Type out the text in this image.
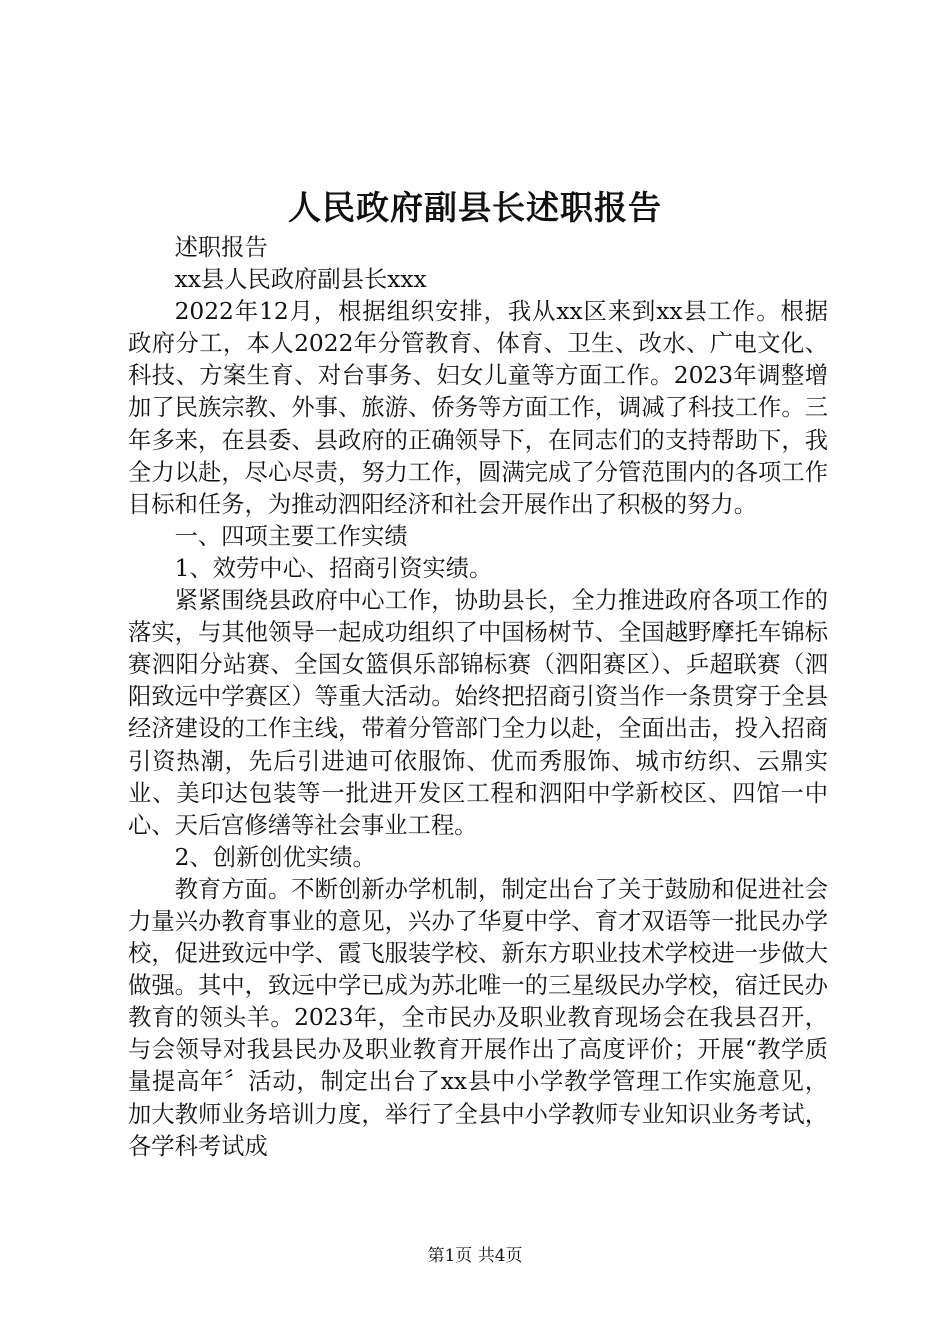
人民政府副县长述职报告

述职报告

xx县人民政府副县长xxx

2022年12月，根据组织安排，我从xx区来到xx县工作。根据政府分工，本人2022年分管教育、体育、卫生、改水、广电文化、科技、方案生育、对台事务、妇女儿童等方面工作。2023年调整增加了民族宗教、外事、旅游、侨务等方面工作，调减了科技工作。三年多来，在县委、县政府的正确领导下，在同志们的支持帮助下，我全力以赴，尽心尽责，努力工作，圆满完成了分管范围内的各项工作目标和任务，为推动泗阳经济和社会开展作出了积极的努力。

一、四项主要工作实绩

1、效劳中心、招商引资实绩。

紧紧围绕县政府中心工作，协助县长，全力推进政府各项工作的落实，与其他领导一起成功组织了中国杨树节、全国越野摩托车锦标赛泗阳分站赛、全国女篮俱乐部锦标赛（泗阳赛区）、乒超联赛（泗阳致远中学赛区）等重大活动。始终把招商引资当作一条贯穿于全县经济建设的工作主线，带着分管部门全力以赴，全面出击，投入招商引资热潮，先后引进迪可依服饰、优而秀服饰、城市纺织、云鼎实业、美印达包装等一批进开发区工程和泗阳中学新校区、四馆一中心、天后宫修缮等社会事业工程。

2、创新创优实绩。

教育方面。不断创新办学机制，制定出台了关于鼓励和促进社会力量兴办教育事业的意见，兴办了华夏中学、育才双语等一批民办学校，促进致远中学、霞飞服装学校、新东方职业技术学校进一步做大做强。其中，致远中学已成为苏北唯一的三星级民办学校，宿迁民办教育的领头羊。2023年，全市民办及职业教育现场会在我县召开，与会领导对我县民办及职业教育开展作出了高度评价；开展“教学质量提高年〞活动，制定出台了xx县中小学教学管理工作实施意见，加大教师业务培训力度，举行了全县中小学教师专业知识业务考试，各学科考试成

第1页 共4页
